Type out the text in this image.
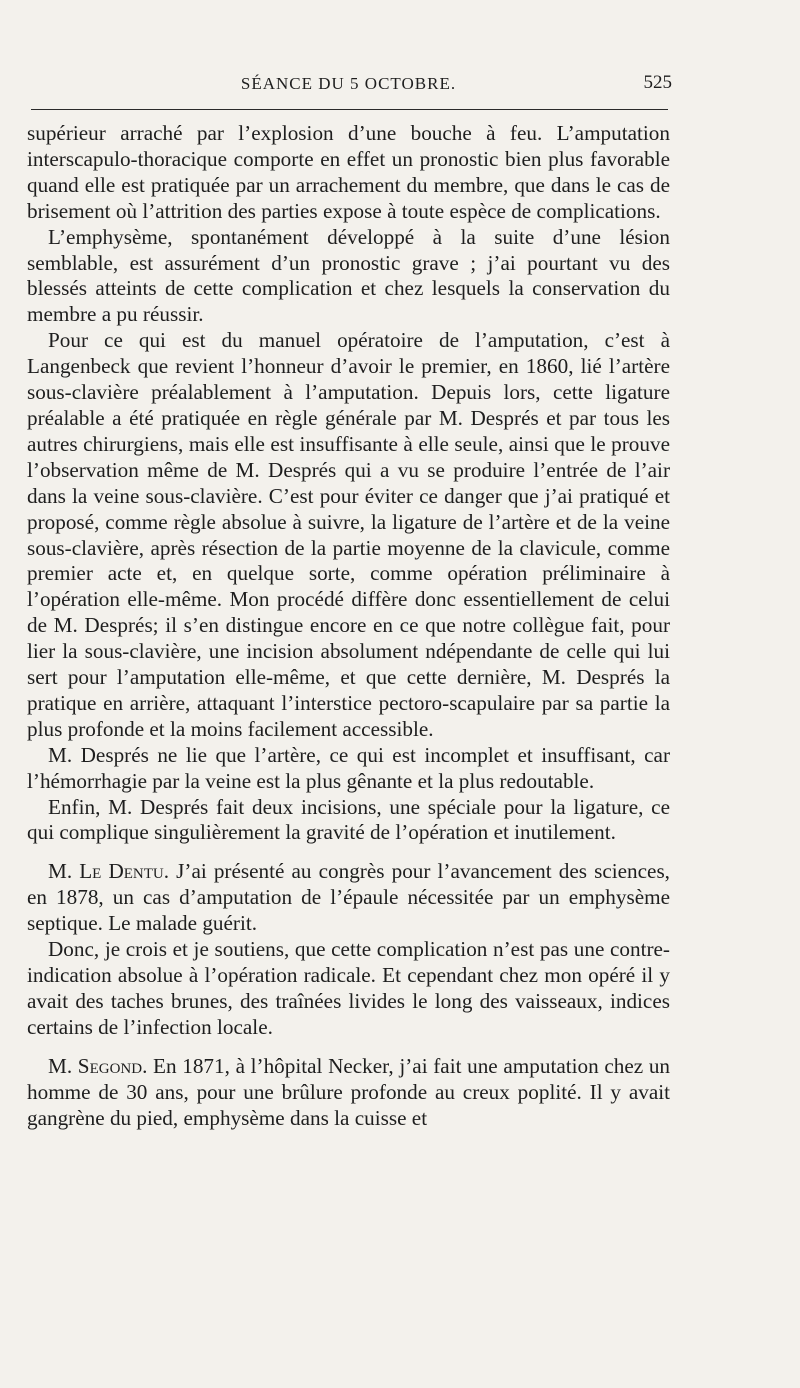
SÉANCE DU 5 OCTOBRE.	525

supérieur arraché par l’explosion d’une bouche à feu. L’amputation interscapulo-thoracique comporte en effet un pronostic bien plus favorable quand elle est pratiquée par un arrachement du membre, que dans le cas de brisement où l’attrition des parties expose à toute espèce de complications.

L’emphysème, spontanément développé à la suite d’une lésion semblable, est assurément d’un pronostic grave ; j’ai pourtant vu des blessés atteints de cette complication et chez lesquels la conservation du membre a pu réussir.

Pour ce qui est du manuel opératoire de l’amputation, c’est à Langenbeck que revient l’honneur d’avoir le premier, en 1860, lié l’artère sous-clavière préalablement à l’amputation. Depuis lors, cette ligature préalable a été pratiquée en règle générale par M. Després et par tous les autres chirurgiens, mais elle est insuffisante à elle seule, ainsi que le prouve l’observation même de M. Després qui a vu se produire l’entrée de l’air dans la veine sous-clavière. C’est pour éviter ce danger que j’ai pratiqué et proposé, comme règle absolue à suivre, la ligature de l’artère et de la veine sous-clavière, après résection de la partie moyenne de la clavicule, comme premier acte et, en quelque sorte, comme opération préliminaire à l’opération elle-même. Mon procédé diffère donc essentiellement de celui de M. Després; il s’en distingue encore en ce que notre collègue fait, pour lier la sous-clavière, une incision absolument ndépendante de celle qui lui sert pour l’amputation elle-même, et que cette dernière, M. Després la pratique en arrière, attaquant l’interstice pectoro-scapulaire par sa partie la plus profonde et la moins facilement accessible.

M. Després ne lie que l’artère, ce qui est incomplet et insuffisant, car l’hémorrhagie par la veine est la plus gênante et la plus redoutable.

Enfin, M. Després fait deux incisions, une spéciale pour la ligature, ce qui complique singulièrement la gravité de l’opération et inutilement.

M. Le Dentu. J’ai présenté au congrès pour l’avancement des sciences, en 1878, un cas d’amputation de l’épaule nécessitée par un emphysème septique. Le malade guérit.

Donc, je crois et je soutiens, que cette complication n’est pas une contre-indication absolue à l’opération radicale. Et cependant chez mon opéré il y avait des taches brunes, des traînées livides le long des vaisseaux, indices certains de l’infection locale.

M. Segond. En 1871, à l’hôpital Necker, j’ai fait une amputation chez un homme de 30 ans, pour une brûlure profonde au creux poplité. Il y avait gangrène du pied, emphysème dans la cuisse et
